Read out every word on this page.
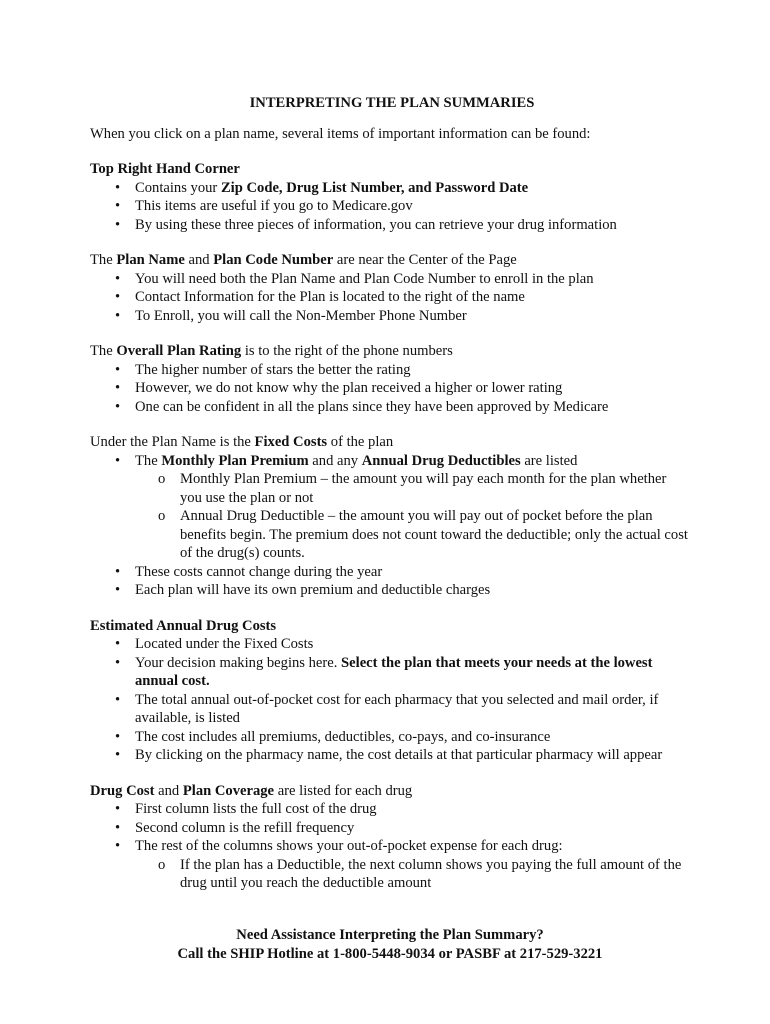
INTERPRETING THE PLAN SUMMARIES

When you click on a plan name, several items of important information can be found:

Top Right Hand Corner

• Contains your Zip Code, Drug List Number, and Password Date
• This items are useful if you go to Medicare.gov
• By using these three pieces of information, you can retrieve your drug information

The Plan Name and Plan Code Number are near the Center of the Page

• You will need both the Plan Name and Plan Code Number to enroll in the plan
• Contact Information for the Plan is located to the right of the name
• To Enroll, you will call the Non-Member Phone Number

The Overall Plan Rating is to the right of the phone numbers

• The higher number of stars the better the rating
• However, we do not know why the plan received a higher or lower rating
• One can be confident in all the plans since they have been approved by Medicare

Under the Plan Name is the Fixed Costs of the plan

• The Monthly Plan Premium and any Annual Drug Deductibles are listed
o Monthly Plan Premium – the amount you will pay each month for the plan whether you use the plan or not
o Annual Drug Deductible – the amount you will pay out of pocket before the plan benefits begin. The premium does not count toward the deductible; only the actual cost of the drug(s) counts.
• These costs cannot change during the year
• Each plan will have its own premium and deductible charges

Estimated Annual Drug Costs

• Located under the Fixed Costs
• Your decision making begins here. Select the plan that meets your needs at the lowest annual cost.
• The total annual out-of-pocket cost for each pharmacy that you selected and mail order, if available, is listed
• The cost includes all premiums, deductibles, co-pays, and co-insurance
• By clicking on the pharmacy name, the cost details at that particular pharmacy will appear

Drug Cost and Plan Coverage are listed for each drug

• First column lists the full cost of the drug
• Second column is the refill frequency
• The rest of the columns shows your out-of-pocket expense for each drug:
o If the plan has a Deductible, the next column shows you paying the full amount of the drug until you reach the deductible amount

Need Assistance Interpreting the Plan Summary?

Call the SHIP Hotline at 1-800-5448-9034 or PASBF at 217-529-3221
